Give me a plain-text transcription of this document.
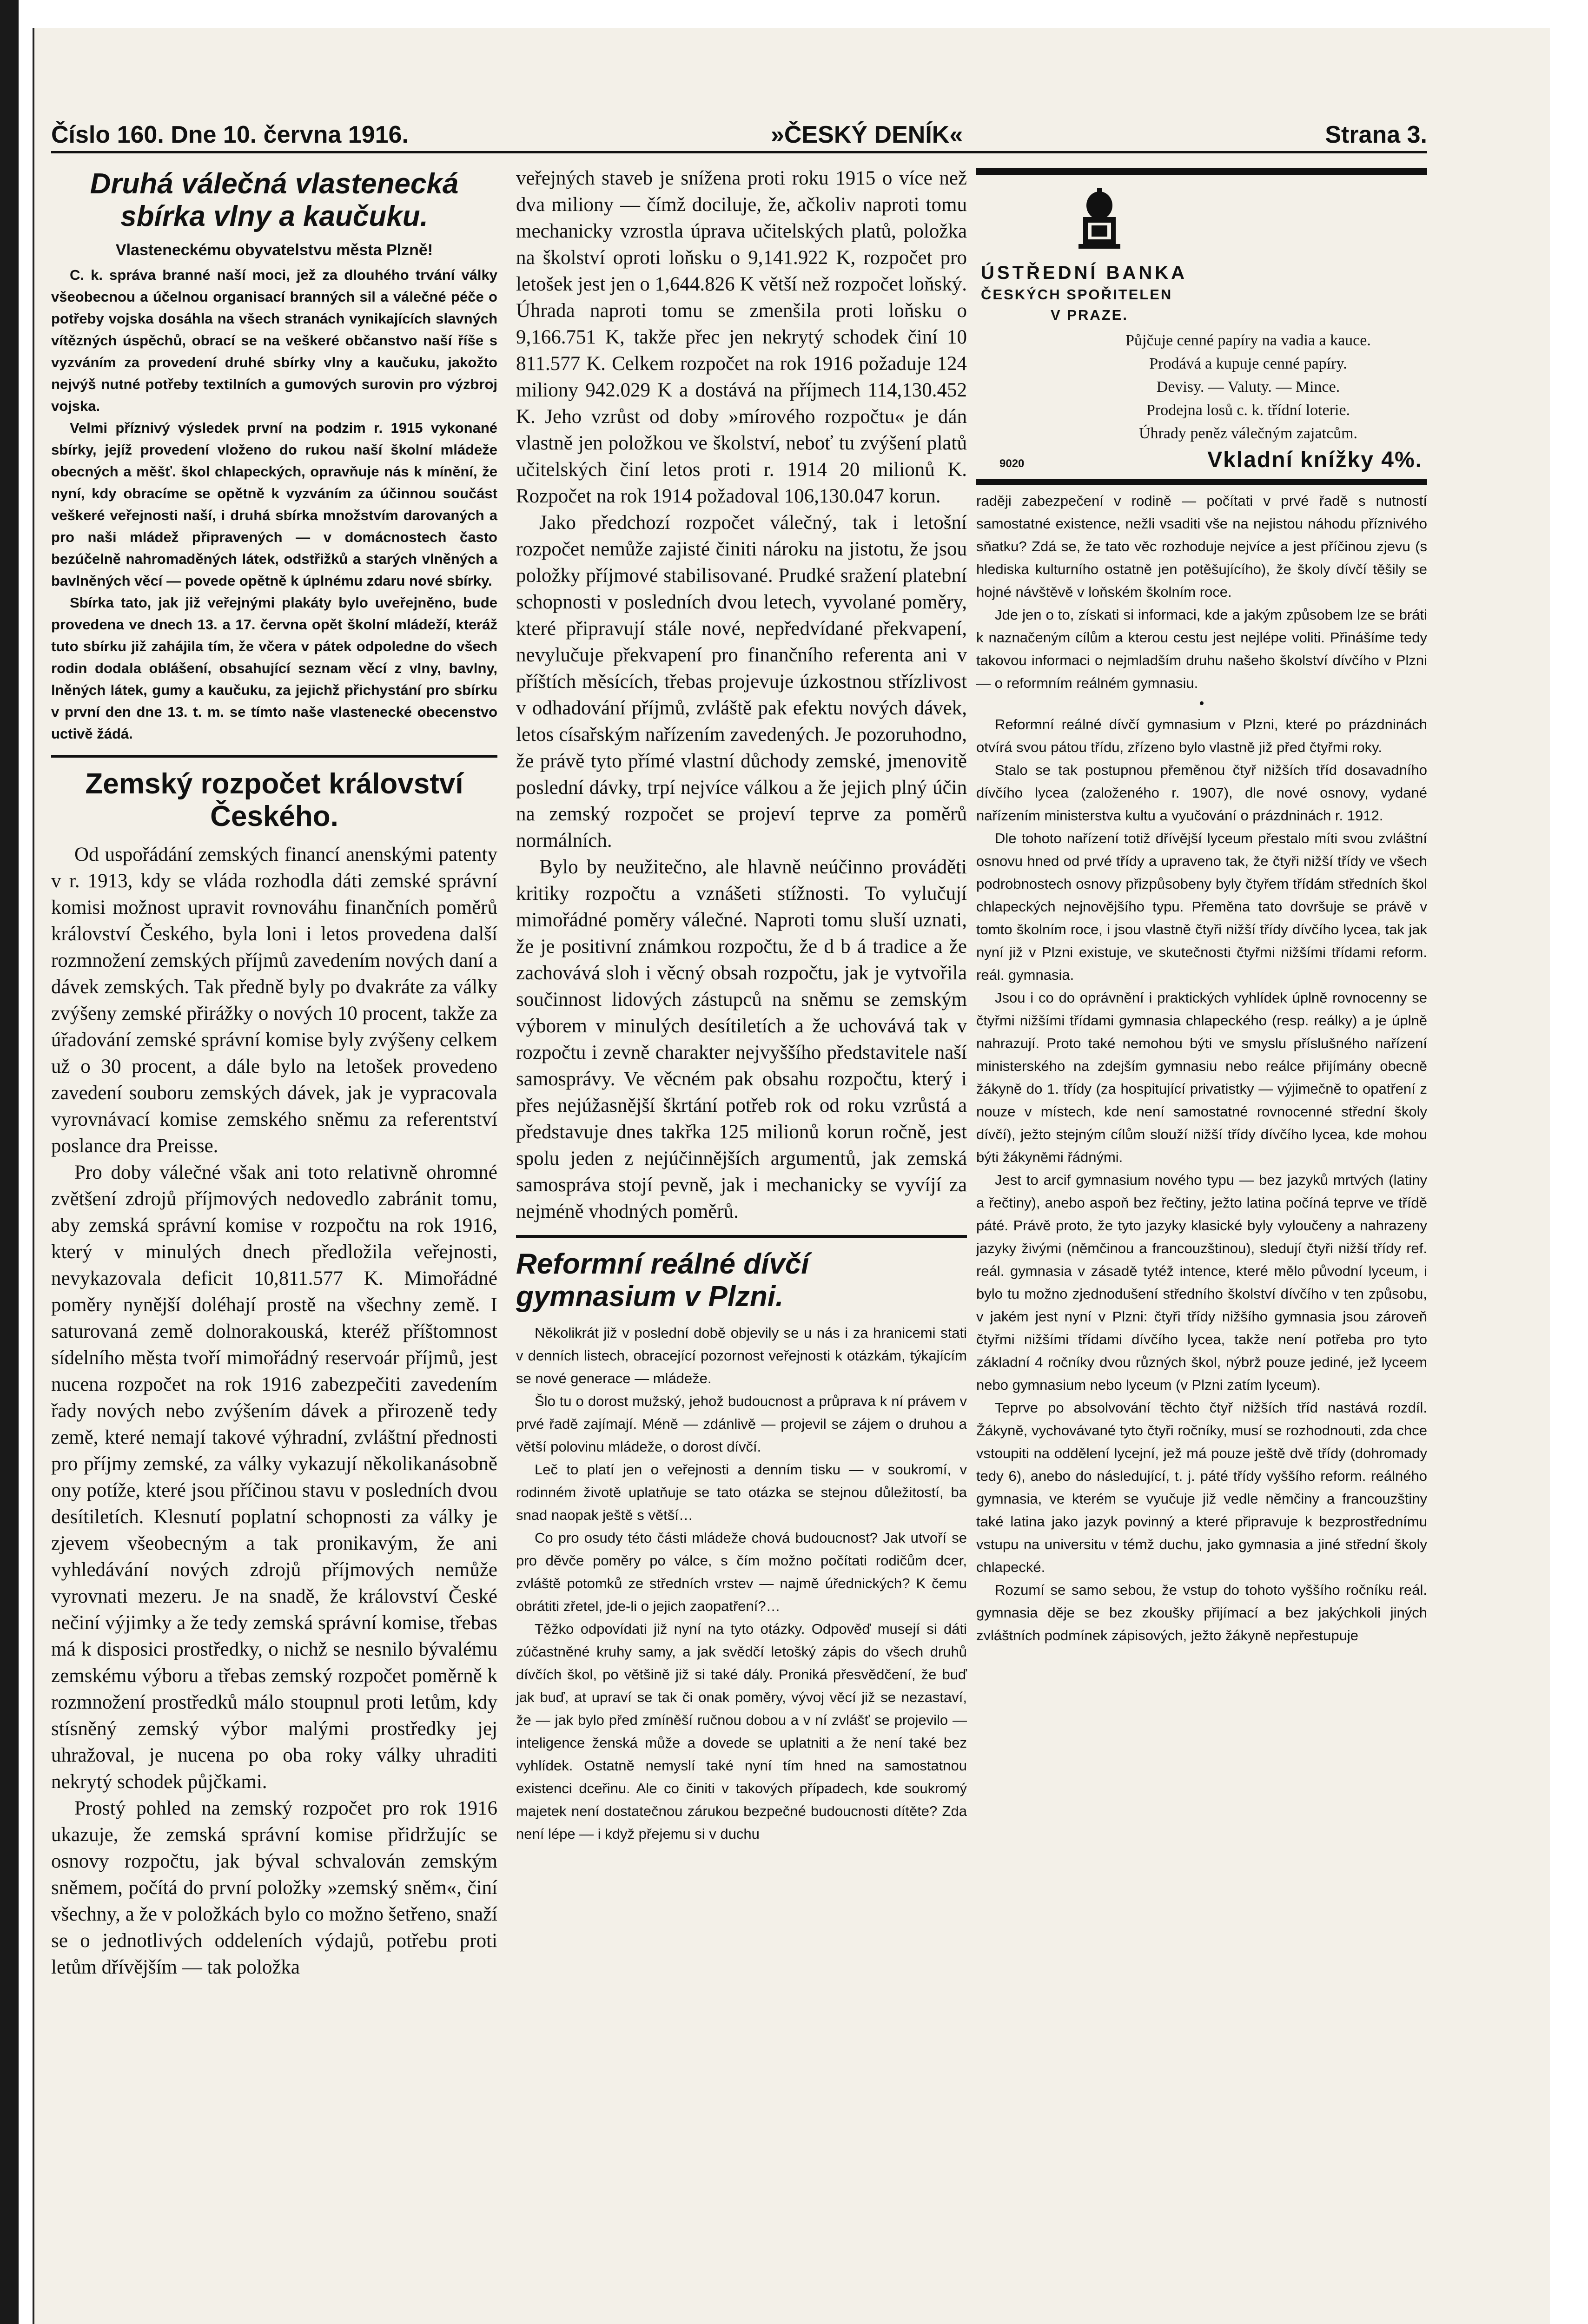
Číslo 160. Dne 10. června 1916.	»ČESKÝ DENÍK«	Strana 3.
Druhá válečná vlastenecká sbírka vlny a kaučuku.
Vlasteneckému obyvatelstvu města Plzně!

C. k. správa branné naší moci, jež za dlouhého trvání války všeobecnou a účelnou organisací branných sil a válečné péče o potřeby vojska dosáhla na všech stranách vynikajících slavných vítězných úspěchů, obrací se na veškeré občanstvo naší říše s vyzváním za provedení druhé sbírky vlny a kaučuku, jakožto nejvýš nutné potřeby textilních a gumových surovin pro výzbroj vojska.

Velmi příznivý výsledek první na podzim r. 1915 vykonané sbírky, jejíž provedení vloženo do rukou naší školní mládeže obecných a měšť. škol chlapeckých, opravňuje nás k mínění, že nyní, kdy obracíme se opětně k vyzváním za účinnou součást veškeré veřejnosti naší, i druhá sbírka množstvím darovaných a pro naši mládež připravených — v domácnostech často bezúčelně nahromaděných látek, odstřižků a starých vlněných a bavlněných věcí — povede opětně k úplnému zdaru nové sbírky.

Sbírka tato, jak již veřejnými plakáty bylo uveřejněno, bude provedena ve dnech 13. a 17. června opět školní mládeží, kteráž tuto sbírku již zahájila tím, že včera v pátek odpoledne do všech rodin dodala oblášení, obsahující seznam věcí z vlny, bavlny, lněných látek, gumy a kaučuku, za jejichž přichystání pro sbírku v první den dne 13. t. m. se tímto naše vlastenecké obecenstvo uctivě žádá.

Zemský rozpočet království Českého.

Od uspořádání zemských financí anenskými patenty v r. 1913, kdy se vláda rozhodla dáti zemské správní komisi možnost upravit rovnováhu finančních poměrů království Českého, byla loni i letos provedena další rozmnožení zemských příjmů zavedením nových daní a dávek zemských. Tak předně byly po dvakráte za války zvýšeny zemské přirážky o nových 10 procent, takže za úřadování zemské správní komise byly zvýšeny celkem už o 30 procent, a dále bylo na letošek provedeno zavedení souboru zemských dávek, jak je vypracovala vyrovnávací komise zemského sněmu za referentství poslance dra Preisse.

Pro doby válečné však ani toto relativně ohromné zvětšení zdrojů příjmových nedovedlo zabránit tomu, aby zemská správní komise v rozpočtu na rok 1916, který v minulých dnech předložila veřejnosti, nevykazovala deficit 10,811.577 K. Mimořádné poměry nynější doléhají prostě na všechny země. I saturovaná země dolnorakouská, kteréž příštomnost sídelního města tvoří mimořádný reservoár příjmů, jest nucena rozpočet na rok 1916 zabezpečiti zavedením řady nových nebo zvýšením dávek a přirozeně tedy země, které nemají takové výhradní, zvláštní přednosti pro příjmy zemské, za války vykazují několikanásobně ony potíže, které jsou příčinou stavu v posledních dvou desítiletích. Klesnutí poplatní schopnosti za války je zjevem všeobecným a tak pronikavým, že ani vyhledávání nových zdrojů příjmových nemůže vyrovnati mezeru. Je na snadě, že království České nečiní výjimky a že tedy zemská správní komise, třebas má k disposici prostředky, o nichž se nesnilo bývalému zemskému výboru a třebas zemský rozpočet poměrně k rozmnožení prostředků málo stoupnul proti letům, kdy stísněný zemský výbor malými prostředky jej uhražoval, je nucena po oba roky války uhraditi nekrytý schodek půjčkami.

Prostý pohled na zemský rozpočet pro rok 1916 ukazuje, že zemská správní komise přidržujíc se osnovy rozpočtu, jak býval schvalován zemským sněmem, počítá do první položky »zemský sněm«, činí všechny, a že v položkách bylo co možno šetřeno, snaží se o jednotlivých oddeleních výdajů, potřebu proti letům dřívějším — tak položka

veřejných staveb je snížena proti roku 1915 o více než dva miliony — čímž dociluje, že, ačkoliv naproti tomu mechanicky vzrostla úprava učitelských platů, položka na školství oproti loňsku o 9,141.922 K, rozpočet pro letošek jest jen o 1,644.826 K větší než rozpočet loňský. Úhrada naproti tomu se zmenšila proti loňsku o 9,166.751 K, takže přec jen nekrytý schodek činí 10 811.577 K. Celkem rozpočet na rok 1916 požaduje 124 miliony 942.029 K a dostává na příjmech 114,130.452 K. Jeho vzrůst od doby »mírového rozpočtu« je dán vlastně jen položkou ve školství, neboť tu zvýšení platů učitelských činí letos proti r. 1914 20 milionů K. Rozpočet na rok 1914 požadoval 106,130.047 korun.

Jako předchozí rozpočet válečný, tak i letošní rozpočet nemůže zajisté činiti nároku na jistotu, že jsou položky příjmové stabilisované. Prudké sražení platební schopnosti v posledních dvou letech, vyvolané poměry, které připravují stále nové, nepředvídané překvapení, nevylučuje překvapení pro finančního referenta ani v příštích měsících, třebas projevuje úzkostnou střízlivost v odhadování příjmů, zvláště pak efektu nových dávek, letos císařským nařízením zavedených. Je pozoruhodno, že právě tyto přímé vlastní důchody zemské, jmenovitě poslední dávky, trpí nejvíce válkou a že jejich plný účin na zemský rozpočet se projeví teprve za poměrů normálních.

Bylo by neužitečno, ale hlavně neúčinno prováděti kritiky rozpočtu a vznášeti stížnosti. To vylučují mimořádné poměry válečné. Naproti tomu sluší uznati, že je positivní známkou rozpočtu, že d b á tradice a že zachovává sloh i věcný obsah rozpočtu, jak je vytvořila součinnost lidových zástupců na sněmu se zemským výborem v minulých desítiletích a že uchovává tak v rozpočtu i zevně charakter nejvyššího představitele naší samosprávy. Ve věcném pak obsahu rozpočtu, který i přes nejúžasnější škrtání potřeb rok od roku vzrůstá a představuje dnes takřka 125 milionů korun ročně, jest spolu jeden z nejúčinnějších argumentů, jak zemská samospráva stojí pevně, jak i mechanicky se vyvíjí za nejméně vhodných poměrů.

Reformní reálné dívčí gymnasium v Plzni.

Několikrát již v poslední době objevily se u nás i za hranicemi stati v denních listech, obracející pozornost veřejnosti k otázkám, týkajícím se nové generace — mládeže.

Šlo tu o dorost mužský, jehož budoucnost a průprava k ní právem v prvé řadě zajímají. Méně — zdánlivě — projevil se zájem o druhou a větší polovinu mládeže, o dorost dívčí.

Leč to platí jen o veřejnosti a denním tisku — v soukromí, v rodinném životě uplatňuje se tato otázka se stejnou důležitostí, ba snad naopak ještě s větší…

Co pro osudy této části mládeže chová budoucnost? Jak utvoří se pro děvče poměry po válce, s čím možno počítati rodičům dcer, zvláště potomků ze středních vrstev — najmě úřednických? K čemu obrátiti zřetel, jde-li o jejich zaopatření?…

Těžko odpovídati již nyní na tyto otázky. Odpověď musejí si dáti zúčastněné kruhy samy, a jak svědčí letošký zápis do všech druhů dívčích škol, po většině již si také dály. Proniká přesvědčení, že buď jak buď, at upraví se tak či onak poměry, vývoj věcí již se nezastaví, že — jak bylo před zmíněší ručnou dobou a v ní zvlášť se projevilo — inteligence ženská může a dovede se uplatniti a že není také bez vyhlídek. Ostatně nemyslí také nyní tím hned na samostatnou existenci dceřinu. Ale co činiti v takových případech, kde soukromý majetek není dostatečnou zárukou bezpečné budoucnosti dítěte? Zda není lépe — i když přejemu si v duchu

ÚSTŘEDNÍ BANKA
ČESKÝCH SPOŘITELEN
V PRAZE.
Půjčuje cenné papíry na vadia a kauce.
Prodává a kupuje cenné papíry.
Devisy. — Valuty. — Mince.
Prodejna losů c. k. třídní loterie.
Úhrady peněz válečným zajatcům.
9020	Vkladní knížky 4%.

raději zabezpečení v rodině — počítati v prvé řadě s nutností samostatné existence, nežli vsaditi vše na nejistou náhodu příznivého sňatku? Zdá se, že tato věc rozhoduje nejvíce a jest příčinou zjevu (s hlediska kulturního ostatně jen potěšujícího), že školy dívčí těšily se hojné návštěvě v loňském školním roce.

Jde jen o to, získati si informaci, kde a jakým způsobem lze se bráti k naznačeným cílům a kterou cestu jest nejlépe voliti. Přinášíme tedy takovou informaci o nejmladším druhu našeho školství dívčího v Plzni — o reformním reálném gymnasiu.

•

Reformní reálné dívčí gymnasium v Plzni, které po prázdninách otvírá svou pátou třídu, zřízeno bylo vlastně již před čtyřmi roky.

Stalo se tak postupnou přeměnou čtyř nižších tříd dosavadního dívčího lycea (založeného r. 1907), dle nové osnovy, vydané nařízením ministerstva kultu a vyučování o prázdninách r. 1912.

Dle tohoto nařízení totiž dřívější lyceum přestalo míti svou zvláštní osnovu hned od prvé třídy a upraveno tak, že čtyři nižší třídy ve všech podrobnostech osnovy přizpůsobeny byly čtyřem třídám středních škol chlapeckých nejnovějšího typu. Přeměna tato dovršuje se právě v tomto školním roce, i jsou vlastně čtyři nižší třídy dívčího lycea, tak jak nyní již v Plzni existuje, ve skutečnosti čtyřmi nižšími třídami reform. reál. gymnasia.

Jsou i co do oprávnění i praktických vyhlídek úplně rovnocenny se čtyřmi nižšími třídami gymnasia chlapeckého (resp. reálky) a je úplně nahrazují. Proto také nemohou býti ve smyslu příslušného nařízení ministerského na zdejším gymnasiu nebo reálce přijímány obecně žákyně do 1. třídy (za hospitující privatistky — výjimečně to opatření z nouze v místech, kde není samostatné rovnocenné střední školy dívčí), ježto stejným cílům slouží nižší třídy dívčího lycea, kde mohou býti žákyněmi řádnými.

Jest to arcif gymnasium nového typu — bez jazyků mrtvých (latiny a řečtiny), anebo aspoň bez řečtiny, ježto latina počíná teprve ve třídě páté. Právě proto, že tyto jazyky klasické byly vyloučeny a nahrazeny jazyky živými (němčinou a francouzštinou), sledují čtyři nižší třídy ref. reál. gymnasia v zásadě tytéž intence, které mělo původní lyceum, i bylo tu možno zjednodušení středního školství dívčího v ten způsobu, v jakém jest nyní v Plzni: čtyři třídy nižšího gymnasia jsou zároveň čtyřmi nižšími třídami dívčího lycea, takže není potřeba pro tyto základní 4 ročníky dvou různých škol, nýbrž pouze jediné, jež lyceem nebo gymnasium nebo lyceum (v Plzni zatím lyceum).

Teprve po absolvování těchto čtyř nižších tříd nastává rozdíl. Žákyně, vychovávané tyto čtyři ročníky, musí se rozhodnouti, zda chce vstoupiti na oddělení lycejní, jež má pouze ještě dvě třídy (dohromady tedy 6), anebo do následující, t. j. páté třídy vyššího reform. reálného gymnasia, ve kterém se vyučuje již vedle němčiny a francouzštiny také latina jako jazyk povinný a které připravuje k bezprostřednímu vstupu na universitu v témž duchu, jako gymnasia a jiné střední školy chlapecké.

Rozumí se samo sebou, že vstup do tohoto vyššího ročníku reál. gymnasia děje se bez zkoušky přijímací a bez jakýchkoli jiných zvláštních podmínek zápisových, ježto žákyně nepřestupuje
